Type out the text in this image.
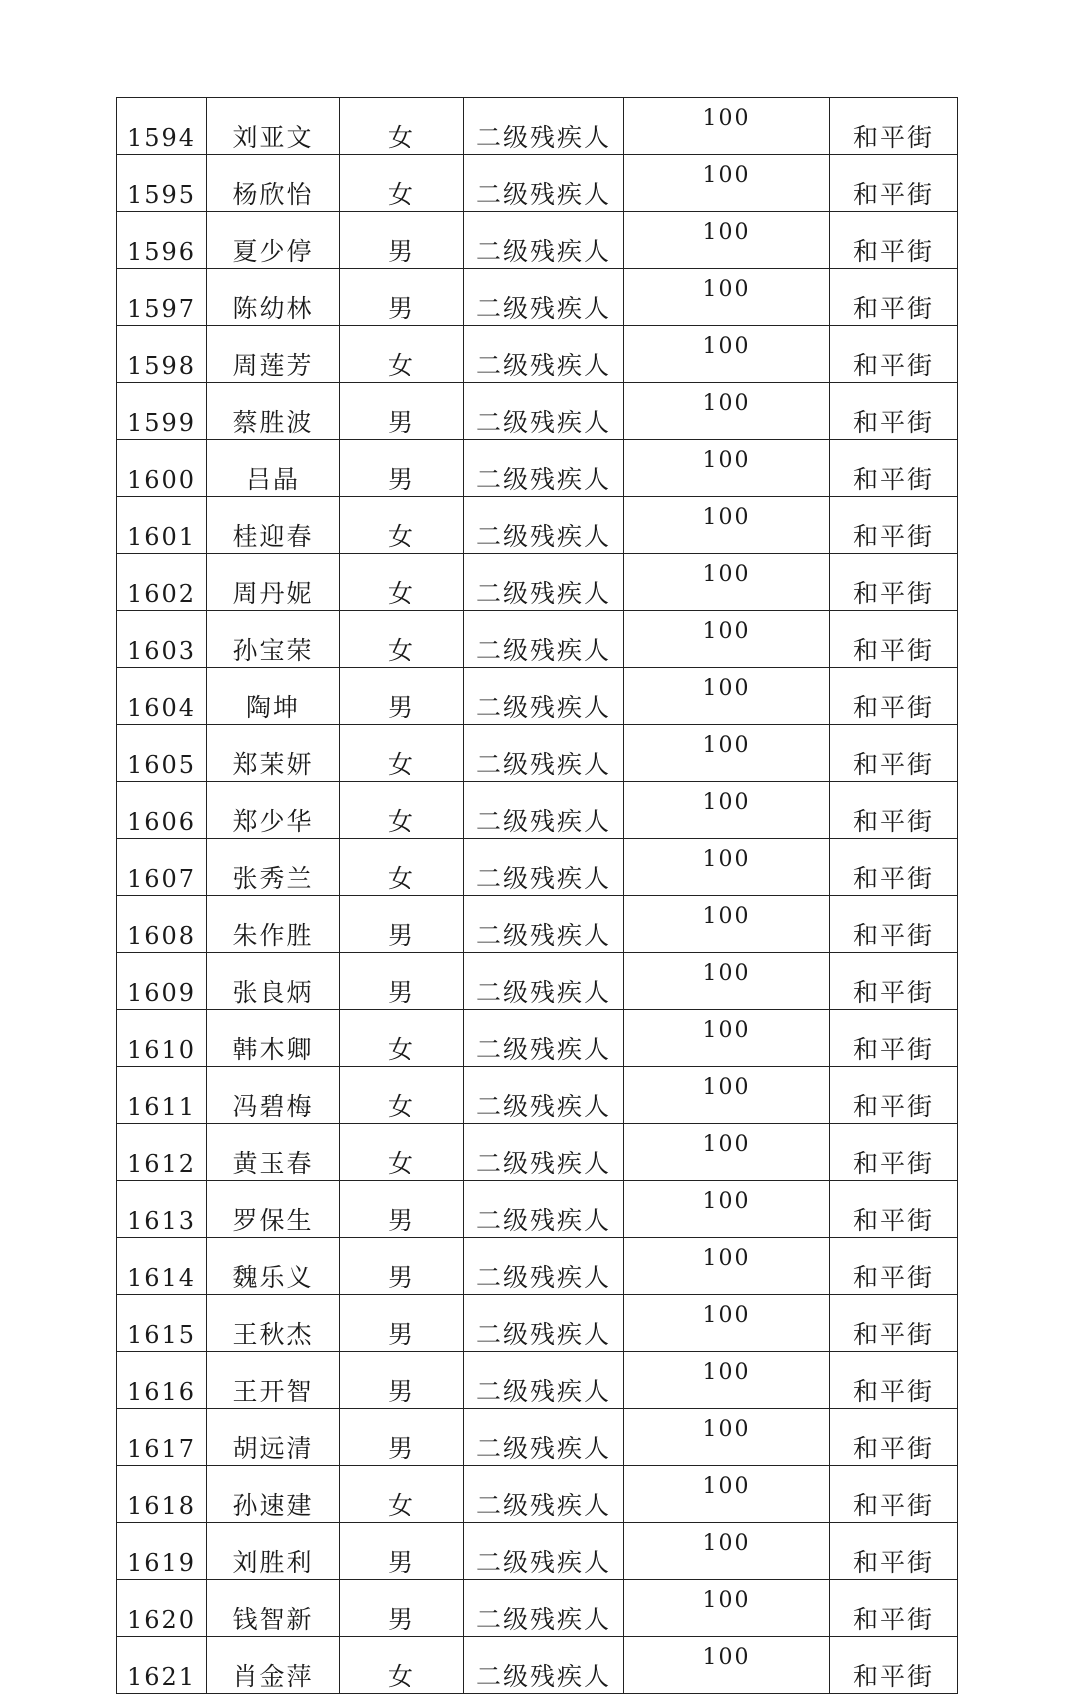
1594	刘亚文	女	二级残疾人	100	和平街
1595	杨欣怡	女	二级残疾人	100	和平街
1596	夏少停	男	二级残疾人	100	和平街
1597	陈幼林	男	二级残疾人	100	和平街
1598	周莲芳	女	二级残疾人	100	和平街
1599	蔡胜波	男	二级残疾人	100	和平街
1600	吕晶	男	二级残疾人	100	和平街
1601	桂迎春	女	二级残疾人	100	和平街
1602	周丹妮	女	二级残疾人	100	和平街
1603	孙宝荣	女	二级残疾人	100	和平街
1604	陶坤	男	二级残疾人	100	和平街
1605	郑茉妍	女	二级残疾人	100	和平街
1606	郑少华	女	二级残疾人	100	和平街
1607	张秀兰	女	二级残疾人	100	和平街
1608	朱作胜	男	二级残疾人	100	和平街
1609	张良炳	男	二级残疾人	100	和平街
1610	韩木卿	女	二级残疾人	100	和平街
1611	冯碧梅	女	二级残疾人	100	和平街
1612	黄玉春	女	二级残疾人	100	和平街
1613	罗保生	男	二级残疾人	100	和平街
1614	魏乐义	男	二级残疾人	100	和平街
1615	王秋杰	男	二级残疾人	100	和平街
1616	王开智	男	二级残疾人	100	和平街
1617	胡远清	男	二级残疾人	100	和平街
1618	孙速建	女	二级残疾人	100	和平街
1619	刘胜利	男	二级残疾人	100	和平街
1620	钱智新	男	二级残疾人	100	和平街
1621	肖金萍	女	二级残疾人	100	和平街
